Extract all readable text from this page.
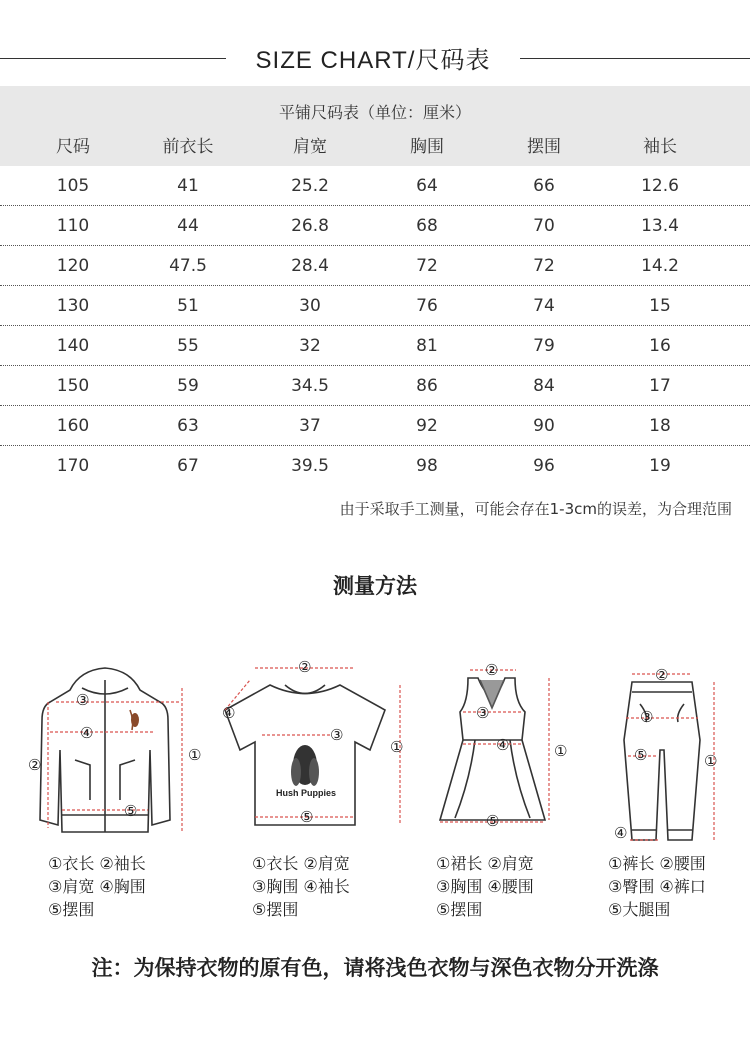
SIZE CHART/尺码表
平铺尺码表（单位：厘米）
尺码	前衣长	肩宽	胸围	摆围	袖长
105	41	25.2	64	66	12.6
110	44	26.8	68	70	13.4
120	47.5	28.4	72	72	14.2
130	51	30	76	74	15
140	55	32	81	79	16
150	59	34.5	86	84	17
160	63	37	92	90	18
170	67	39.5	98	96	19
由于采取手工测量，可能会存在1-3cm的误差，为合理范围
测量方法
③
④
②
①
⑤
②
④
③
①
⑤
②
③
④	①
⑤
②
③
⑤	①
④
Hush Puppies
①衣长 ②袖长
③肩宽 ④胸围
⑤摆围
①衣长 ②肩宽
③胸围 ④袖长
⑤摆围
①裙长 ②肩宽
③胸围 ④腰围
⑤摆围
①裤长 ②腰围
③臀围 ④裤口
⑤大腿围
注：为保持衣物的原有色，请将浅色衣物与深色衣物分开洗涤
